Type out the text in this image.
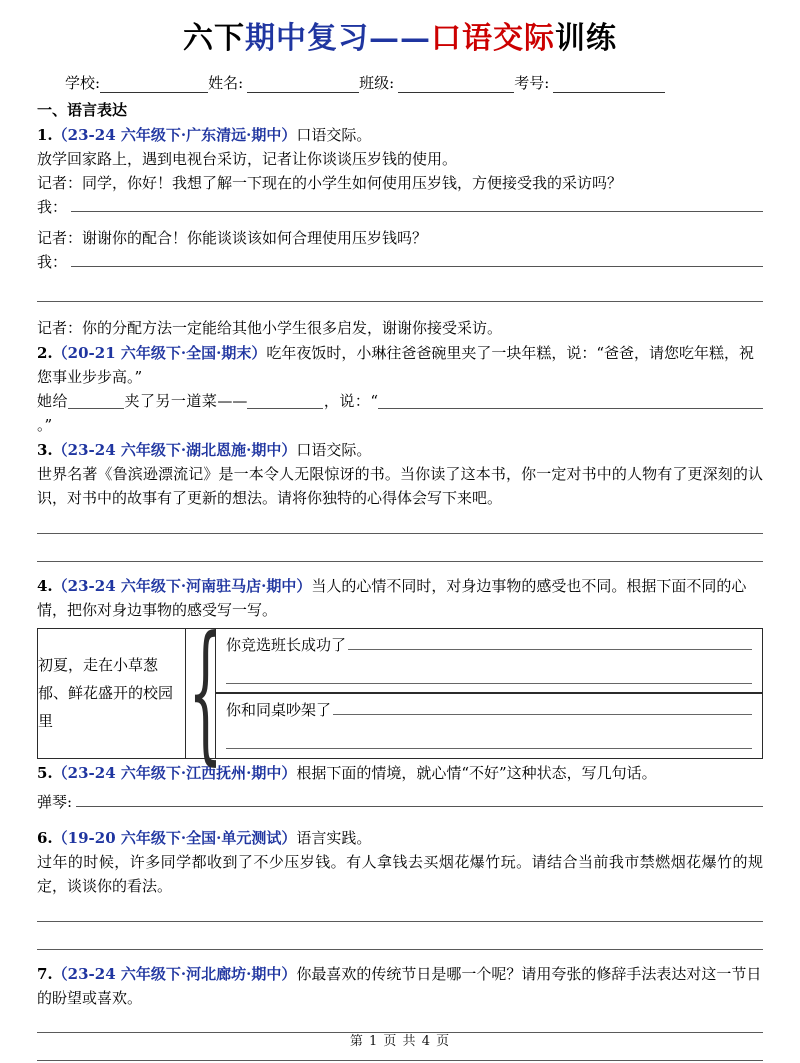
六下期中复习——口语交际训练
学校:	姓名:	班级:	考号:
一、语言表达
1.（23-24 六年级下·广东清远·期中）口语交际。
放学回家路上，遇到电视台采访，记者让你谈谈压岁钱的使用。
记者：同学，你好！我想了解一下现在的小学生如何使用压岁钱，方便接受我的采访吗？
我：
记者：谢谢你的配合！你能谈谈该如何合理使用压岁钱吗？
我：
记者：你的分配方法一定能给其他小学生很多启发，谢谢你接受采访。
2.（20-21 六年级下·全国·期末）吃年夜饭时，小琳往爸爸碗里夹了一块年糕，说：“爸爸，请您吃年糕，祝您事业步步高。”
她给	夹了另一道菜——	，说：“。”
3.（23-24 六年级下·湖北恩施·期中）口语交际。
世界名著《鲁滨逊漂流记》是一本令人无限惊讶的书。当你读了这本书，你一定对书中的人物有了更深刻的认识，对书中的故事有了更新的想法。请将你独特的心得体会写下来吧。
4.（23-24 六年级下·河南驻马店·期中）当人的心情不同时，对身边事物的感受也不同。根据下面不同的心情，把你对身边事物的感受写一写。
初夏，走在小草葱郁、鲜花盛开的校园里	{	你竞选班长成功了

你和同桌吵架了
5.（23-24 六年级下·江西抚州·期中）根据下面的情境，就心情“不好”这种状态，写几句话。
弹琴:
6.（19-20 六年级下·全国·单元测试）语言实践。
过年的时候，许多同学都收到了不少压岁钱。有人拿钱去买烟花爆竹玩。请结合当前我市禁燃烟花爆竹的规定，谈谈你的看法。
7.（23-24 六年级下·河北廊坊·期中）你最喜欢的传统节日是哪一个呢？请用夸张的修辞手法表达对这一节日的盼望或喜欢。
第 1 页 共 4 页
